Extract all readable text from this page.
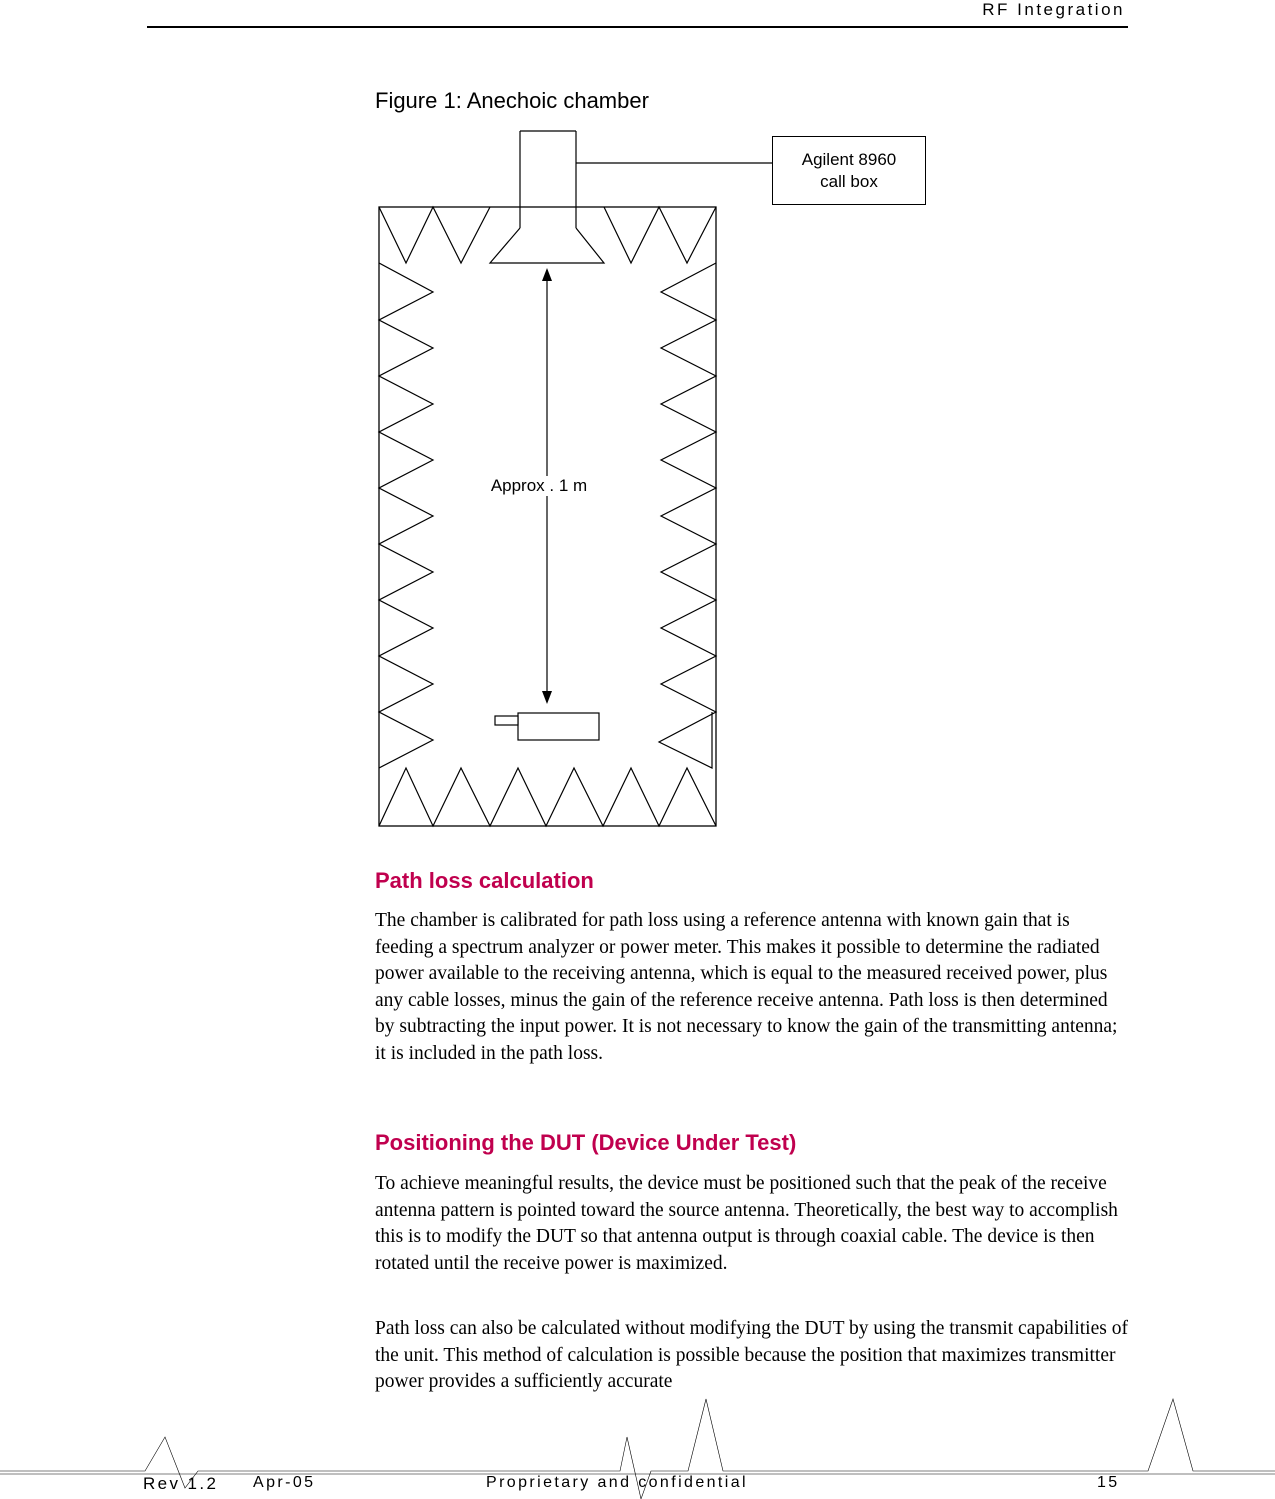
RF Integration
Figure 1: Anechoic chamber
Agilent 8960
call box
Approx . 1 m
Path loss calculation

The chamber is calibrated for path loss using a reference antenna with known gain that is feeding a spectrum analyzer or power meter. This makes it possible to determine the radiated power available to the receiving antenna, which is equal to the measured received power, plus any cable losses, minus the gain of the reference receive antenna. Path loss is then determined by subtracting the input power. It is not necessary to know the gain of the transmitting antenna; it is included in the path loss.

Positioning the DUT (Device Under Test)

To achieve meaningful results, the device must be positioned such that the peak of the receive antenna pattern is pointed toward the source antenna. Theoretically, the best way to accomplish this is to modify the DUT so that antenna output is through coaxial cable. The device is then rotated until the receive power is maximized.

Path loss can also be calculated without modifying the DUT by using the transmit capabilities of the unit. This method of calculation is possible because the position that maximizes transmitter power provides a sufficiently accurate

Rev 1.2 Apr-05	Proprietary and confidential	15
